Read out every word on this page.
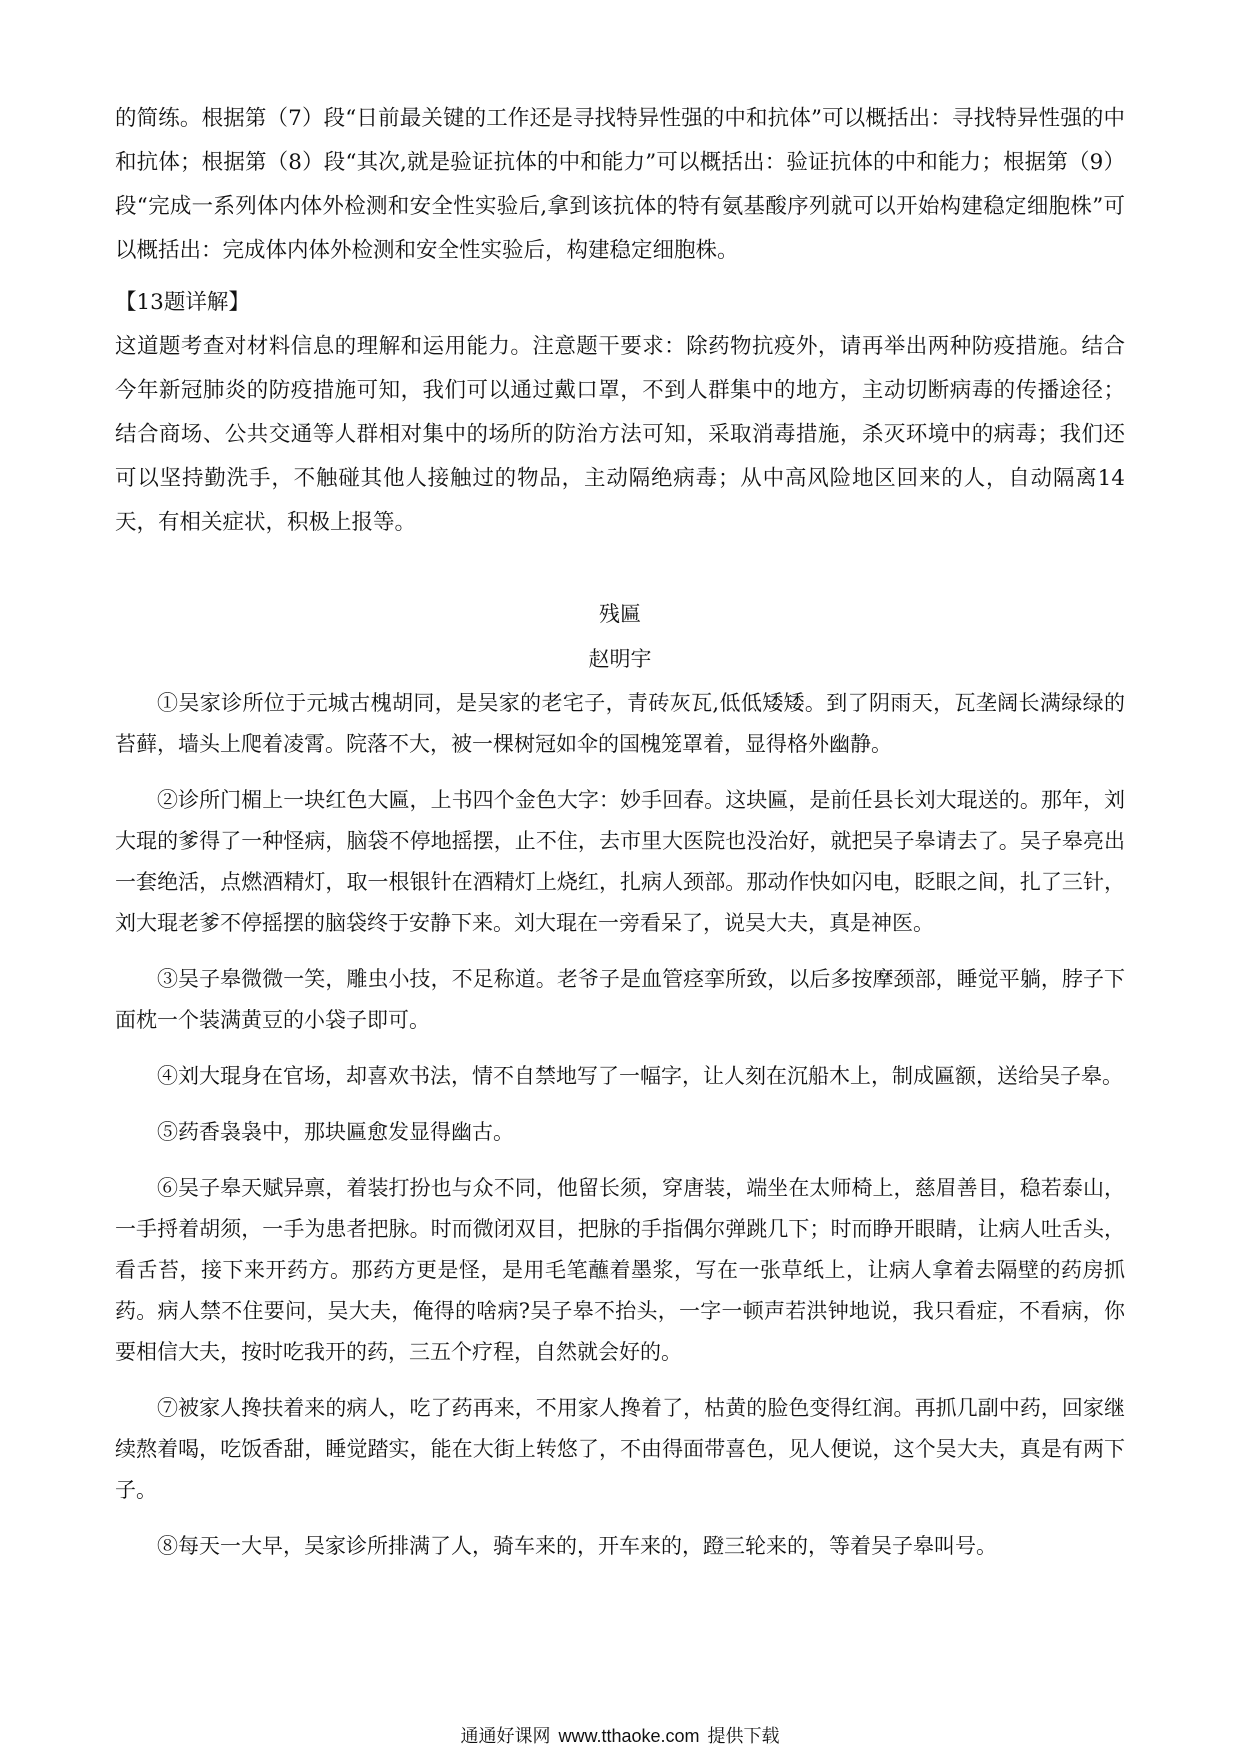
的简练。根据第（7）段“日前最关键的工作还是寻找特异性强的中和抗体”可以概括出：寻找特异性强的中和抗体；根据第（8）段“其次,就是验证抗体的中和能力”可以概括出：验证抗体的中和能力；根据第（9）段“完成一系列体内体外检测和安全性实验后,拿到该抗体的特有氨基酸序列就可以开始构建稳定细胞株”可以概括出：完成体内体外检测和安全性实验后，构建稳定细胞株。

【13题详解】

这道题考查对材料信息的理解和运用能力。注意题干要求：除药物抗疫外，请再举出两种防疫措施。结合今年新冠肺炎的防疫措施可知，我们可以通过戴口罩，不到人群集中的地方，主动切断病毒的传播途径；结合商场、公共交通等人群相对集中的场所的防治方法可知，采取消毒措施，杀灭环境中的病毒；我们还可以坚持勤洗手，不触碰其他人接触过的物品，主动隔绝病毒；从中高风险地区回来的人，自动隔离14天，有相关症状，积极上报等。

残匾

赵明宇

①吴家诊所位于元城古槐胡同，是吴家的老宅子，青砖灰瓦,低低矮矮。到了阴雨天，瓦垄阔长满绿绿的苔藓，墙头上爬着凌霄。院落不大，被一棵树冠如伞的国槐笼罩着，显得格外幽静。

②诊所门楣上一块红色大匾，上书四个金色大字：妙手回春。这块匾，是前任县长刘大琨送的。那年，刘大琨的爹得了一种怪病，脑袋不停地摇摆，止不住，去市里大医院也没治好，就把吴子皋请去了。吴子皋亮出一套绝活，点燃酒精灯，取一根银针在酒精灯上烧红，扎病人颈部。那动作快如闪电，眨眼之间，扎了三针，刘大琨老爹不停摇摆的脑袋终于安静下来。刘大琨在一旁看呆了，说吴大夫，真是神医。

③吴子皋微微一笑，雕虫小技，不足称道。老爷子是血管痉挛所致，以后多按摩颈部，睡觉平躺，脖子下面枕一个装满黄豆的小袋子即可。

④刘大琨身在官场，却喜欢书法，情不自禁地写了一幅字，让人刻在沉船木上，制成匾额，送给吴子皋。

⑤药香袅袅中，那块匾愈发显得幽古。

⑥吴子皋天赋异禀，着装打扮也与众不同，他留长须，穿唐装，端坐在太师椅上，慈眉善目，稳若泰山，一手捋着胡须，一手为患者把脉。时而微闭双目，把脉的手指偶尔弹跳几下；时而睁开眼睛，让病人吐舌头，看舌苔，接下来开药方。那药方更是怪，是用毛笔蘸着墨浆，写在一张草纸上，让病人拿着去隔壁的药房抓药。病人禁不住要问，吴大夫，俺得的啥病?吴子皋不抬头，一字一顿声若洪钟地说，我只看症，不看病，你要相信大夫，按时吃我开的药，三五个疗程，自然就会好的。

⑦被家人搀扶着来的病人，吃了药再来，不用家人搀着了，枯黄的脸色变得红润。再抓几副中药，回家继续熬着喝，吃饭香甜，睡觉踏实，能在大街上转悠了，不由得面带喜色，见人便说，这个吴大夫，真是有两下子。

⑧每天一大早，吴家诊所排满了人，骑车来的，开车来的，蹬三轮来的，等着吴子皋叫号。

通通好课网 www.tthaoke.com 提供下载
